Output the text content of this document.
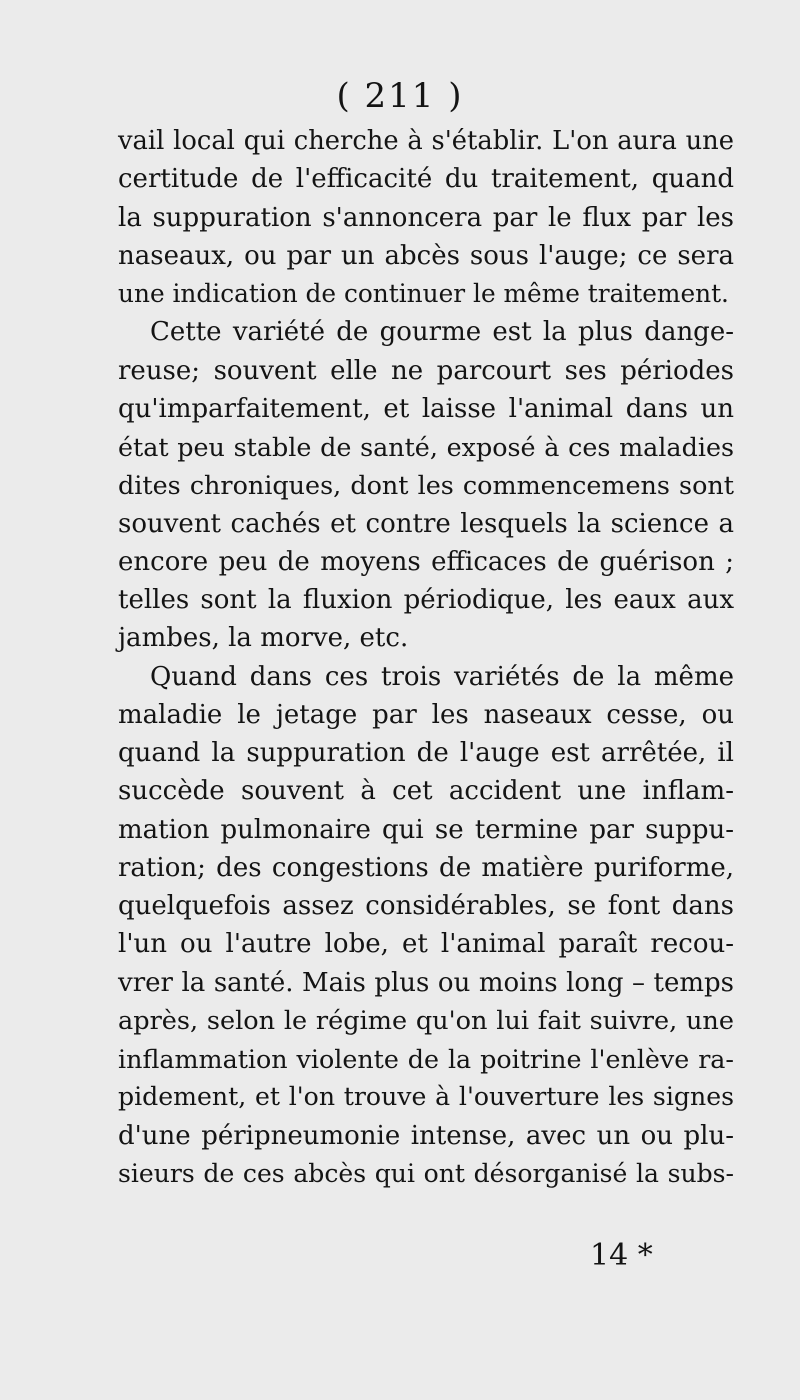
( 211 )
vail local qui cherche à s'établir. L'on aura une
certitude de l'efficacité du traitement, quand
la suppuration s'annoncera par le flux par les
naseaux, ou par un abcès sous l'auge; ce sera
une indication de continuer le même traitement.
Cette variété de gourme est la plus dange-
reuse; souvent elle ne parcourt ses périodes
qu'imparfaitement, et laisse l'animal dans un
état peu stable de santé, exposé à ces maladies
dites chroniques, dont les commencemens sont
souvent cachés et contre lesquels la science a
encore peu de moyens efficaces de guérison ;
telles sont la fluxion périodique, les eaux aux
jambes, la morve, etc.
Quand dans ces trois variétés de la même
maladie le jetage par les naseaux cesse, ou
quand la suppuration de l'auge est arrêtée, il
succède souvent à cet accident une inflam-
mation pulmonaire qui se termine par suppu-
ration; des congestions de matière puriforme,
quelquefois assez considérables, se font dans
l'un ou l'autre lobe, et l'animal paraît recou-
vrer la santé. Mais plus ou moins long – temps
après, selon le régime qu'on lui fait suivre, une
inflammation violente de la poitrine l'enlève ra-
pidement, et l'on trouve à l'ouverture les signes
d'une péripneumonie intense, avec un ou plu-
sieurs de ces abcès qui ont désorganisé la subs-
14 *
